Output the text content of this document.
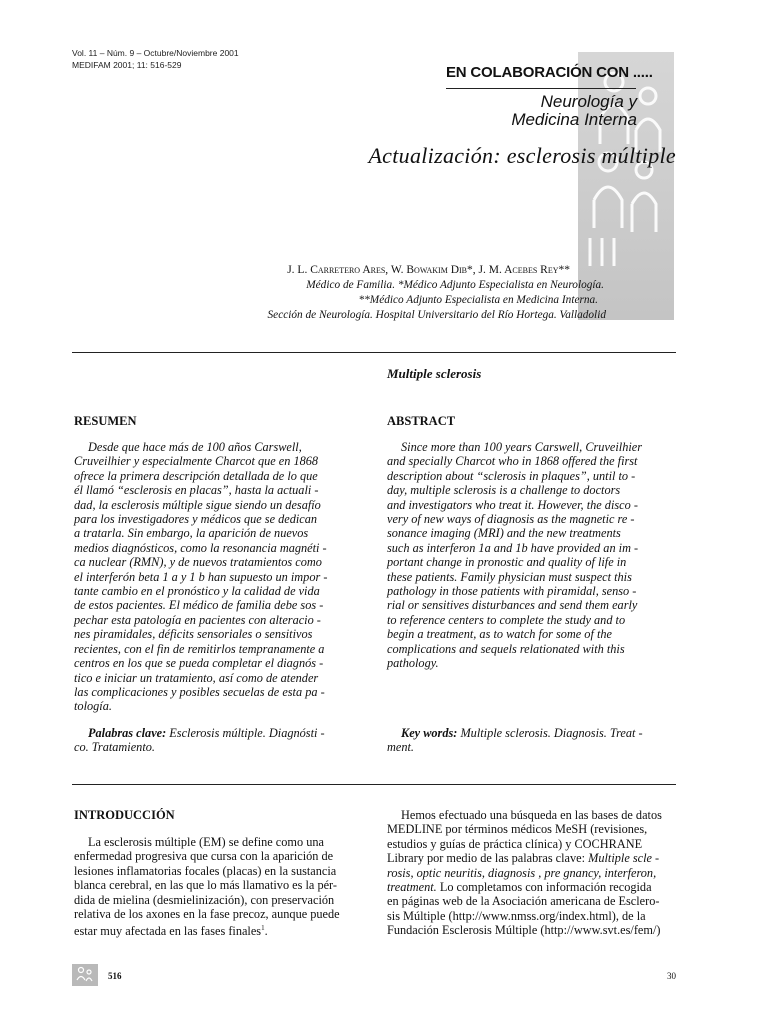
Vol. 11 – Núm. 9 – Octubre/Noviembre 2001
MEDIFAM 2001; 11: 516-529	EN COLABORACIÓN CON .....
Neurología y
Medicina Interna
Actualización: esclerosis múltiple
J. L. Carretero Ares, W. Bowakim Dib*, J. M. Acebes Rey**
Médico de Familia. *Médico Adjunto Especialista en Neurología.
**Médico Adjunto Especialista en Medicina Interna.
Sección de Neurología. Hospital Universitario del Río Hortega. Valladolid
Multiple sclerosis
RESUMEN
Desde que hace más de 100 años Carswell,
Cruveilhier y especialmente Charcot que en 1868
ofrece la primera descripción detallada de lo que
él llamó “esclerosis en placas”, hasta la actuali -
dad, la esclerosis múltiple sigue siendo un desafío
para los investigadores y médicos que se dedican
a tratarla. Sin embargo, la aparición de nuevos
medios diagnósticos, como la resonancia magnéti -
ca nuclear (RMN), y de nuevos tratamientos como
el interferón beta 1 a y 1 b han supuesto un impor -
tante cambio en el pronóstico y la calidad de vida
de estos pacientes. El médico de familia debe sos -
pechar esta patología en pacientes con alteracio -
nes piramidales, déficits sensoriales o sensitivos
recientes, con el fin de remitirlos tempranamente a
centros en los que se pueda completar el diagnós -
tico e iniciar un tratamiento, así como de atender
las complicaciones y posibles secuelas de esta pa -
tología.
Palabras clave: Esclerosis múltiple. Diagnósti -
co. Tratamiento.
ABSTRACT
Since more than 100 years Carswell, Cruveilhier
and specially Charcot who in 1868 offered the first
description about “sclerosis in plaques”, until to -
day, multiple sclerosis is a challenge to doctors
and investigators who treat it. However, the disco -
very of new ways of diagnosis as the magnetic re -
sonance imaging (MRI) and the new treatments
such as interferon 1a and 1b have provided an im -
portant change in pronostic and quality of life in
these patients. Family physician must suspect this
pathology in those patients with piramidal, senso -
rial or sensitives disturbances and send them early
to reference centers to complete the study and to
begin a treatment, as to watch for some of the
complications and sequels relationated with this
pathology.
Key words: Multiple sclerosis. Diagnosis. Treat -
ment.
INTRODUCCIÓN
La esclerosis múltiple (EM) se define como una
enfermedad progresiva que cursa con la aparición de
lesiones inflamatorias focales (placas) en la sustancia
blanca cerebral, en las que lo más llamativo es la pér-
dida de mielina (desmielinización), con preservación
relativa de los axones en la fase precoz, aunque puede
estar muy afectada en las fases finales$^1$.
Hemos efectuado una búsqueda en las bases de datos
MEDLINE por términos médicos MeSH (revisiones,
estudios y guías de práctica clínica) y COCHRANE
Library por medio de las palabras clave: Multiple scle -
rosis, optic neuritis, diagnosis , pre gnancy, interferon,
treatment. Lo completamos con información recogida
en páginas web de la Asociación americana de Esclero-
sis Múltiple (http://www.nmss.org/index.html), de la
Fundación Esclerosis Múltiple (http://www.svt.es/fem/)
516	30
